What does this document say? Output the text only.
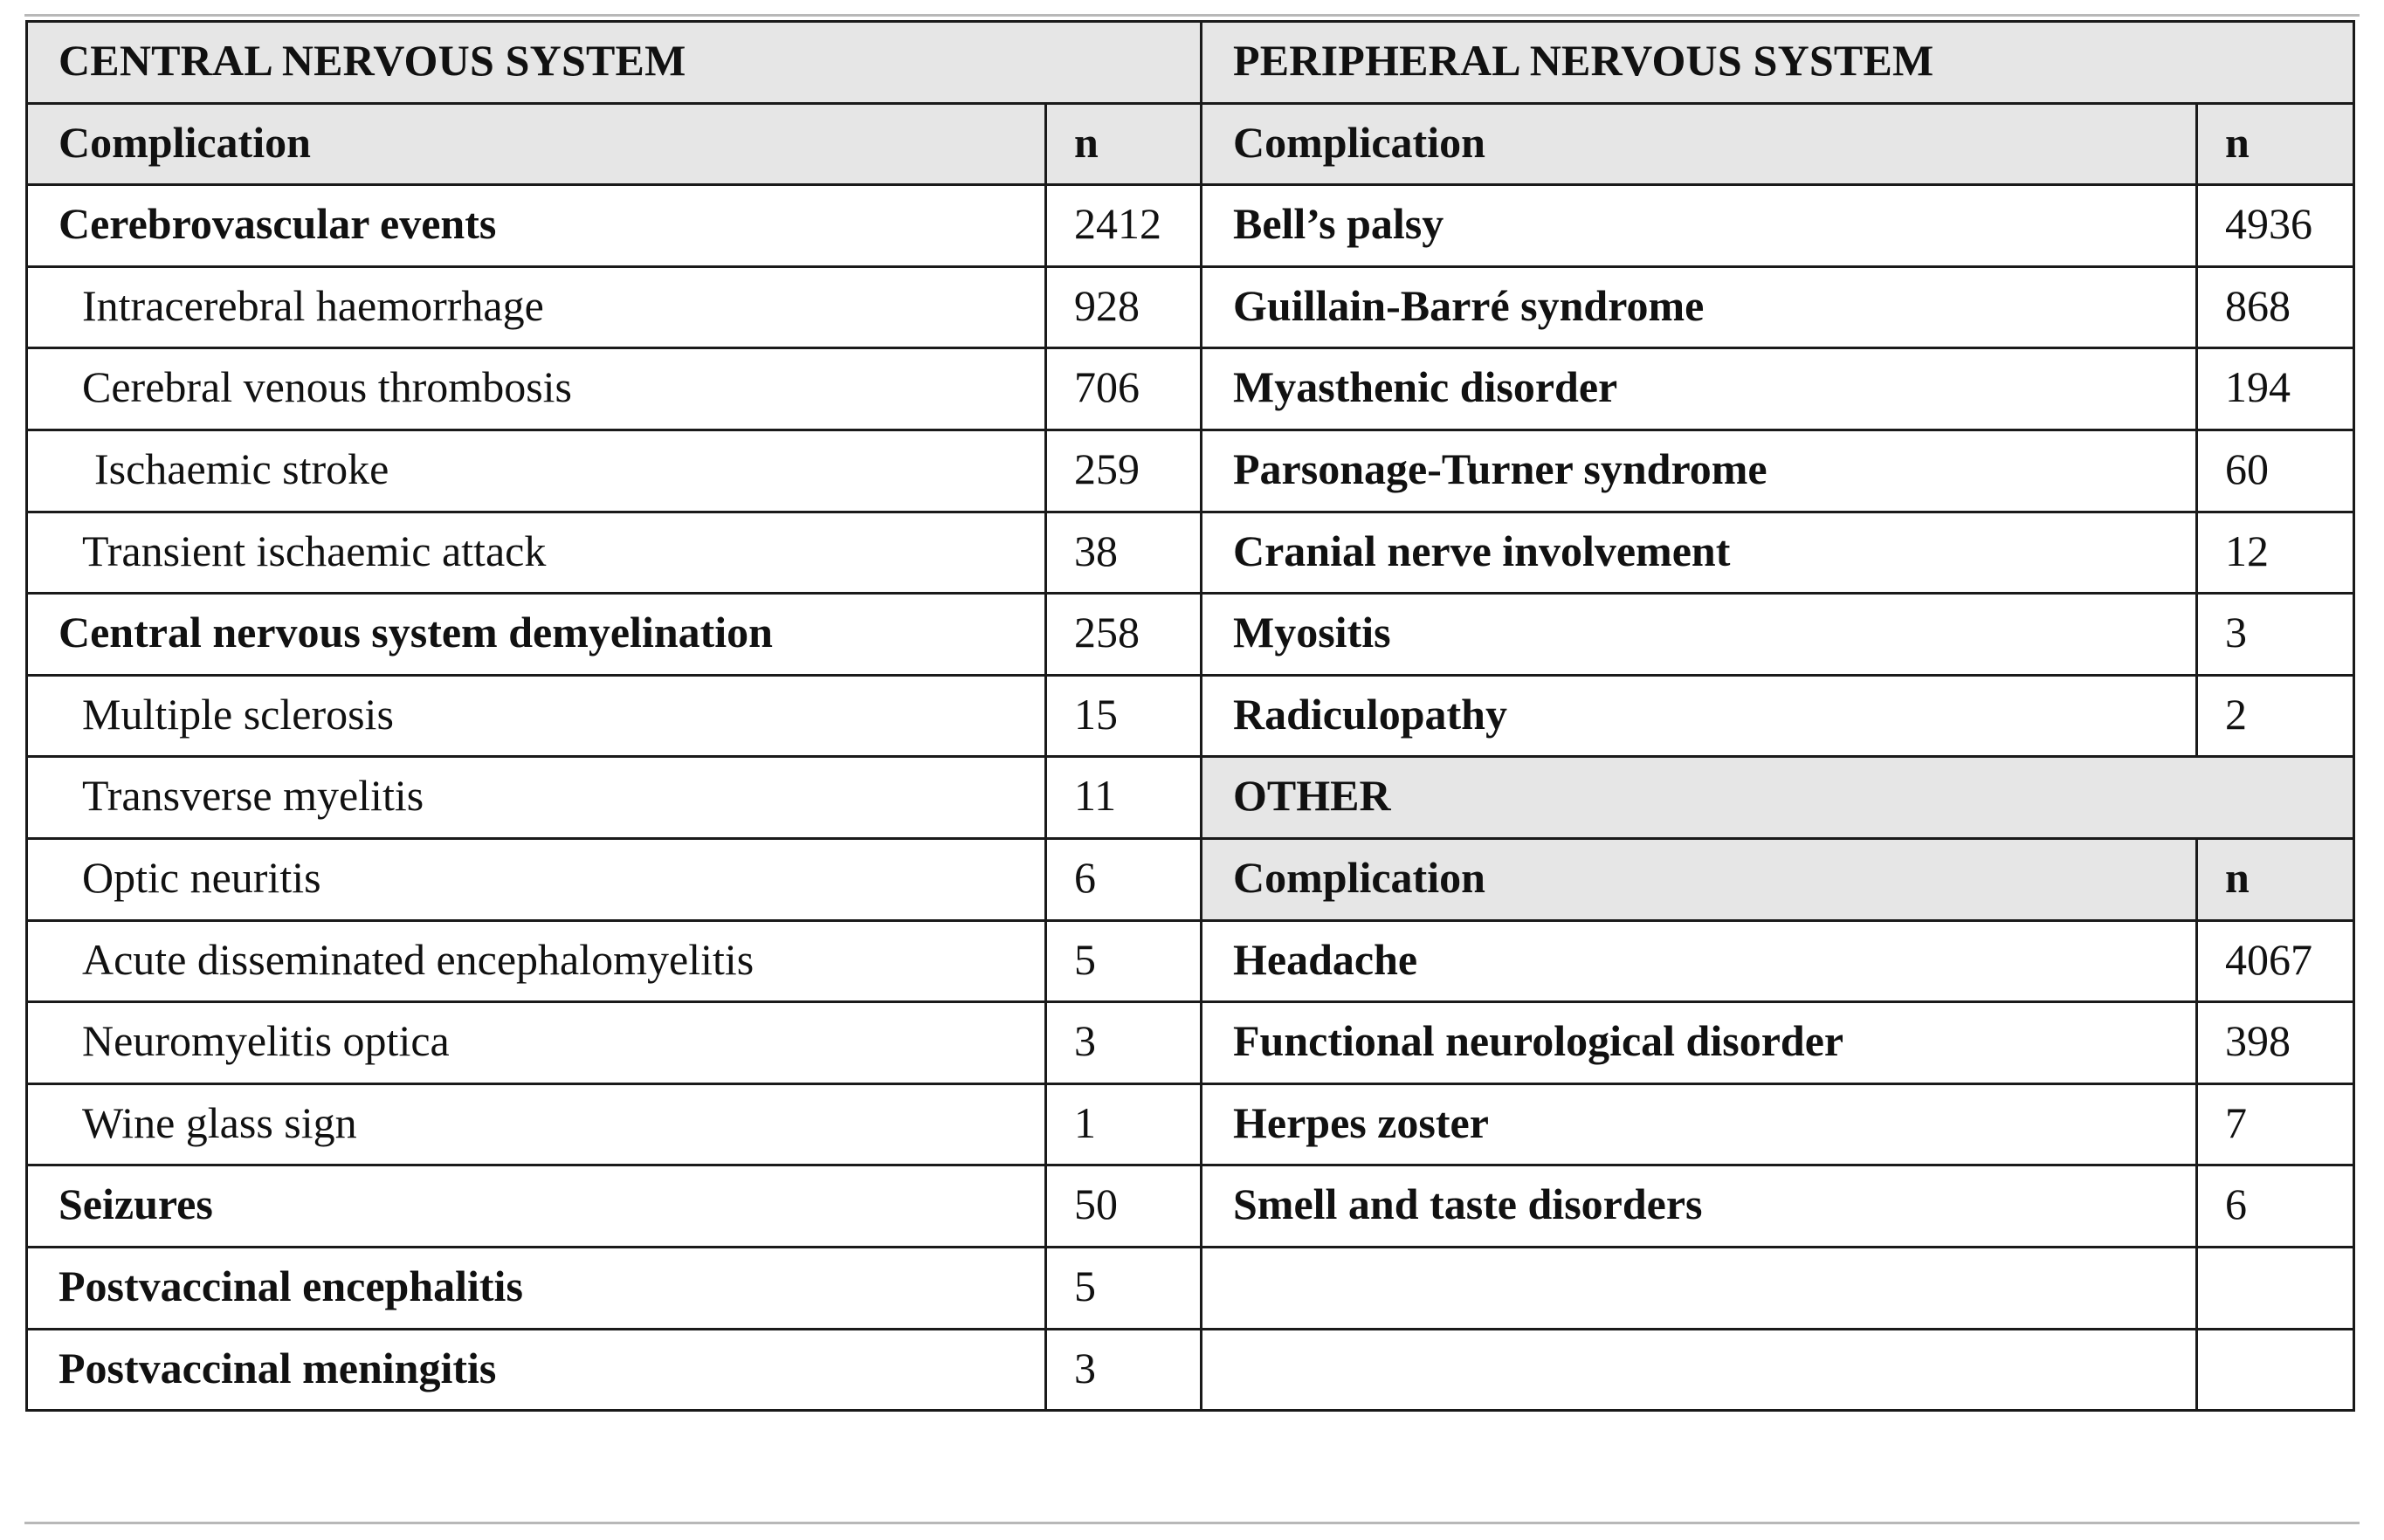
CENTRAL NERVOUS SYSTEM		PERIPHERAL NERVOUS SYSTEM	

Complication	n	Complication	n

Cerebrovascular events	2412	Bell’s palsy	4936

Intracerebral haemorrhage	928	Guillain-Barré syndrome	868

Cerebral venous thrombosis	706	Myasthenic disorder	194

Ischaemic stroke	259	Parsonage-Turner syndrome	60

Transient ischaemic attack	38	Cranial nerve involvement	12

Central nervous system demyelination	258	Myositis	3

Multiple sclerosis	15	Radiculopathy	2

Transverse myelitis	11	OTHER	

Optic neuritis	6	Complication	n

Acute disseminated encephalomyelitis	5	Headache	4067

Neuromyelitis optica	3	Functional neurological disorder	398

Wine glass sign	1	Herpes zoster	7

Seizures	50	Smell and taste disorders	6

Postvaccinal encephalitis	5		

Postvaccinal meningitis	3		
